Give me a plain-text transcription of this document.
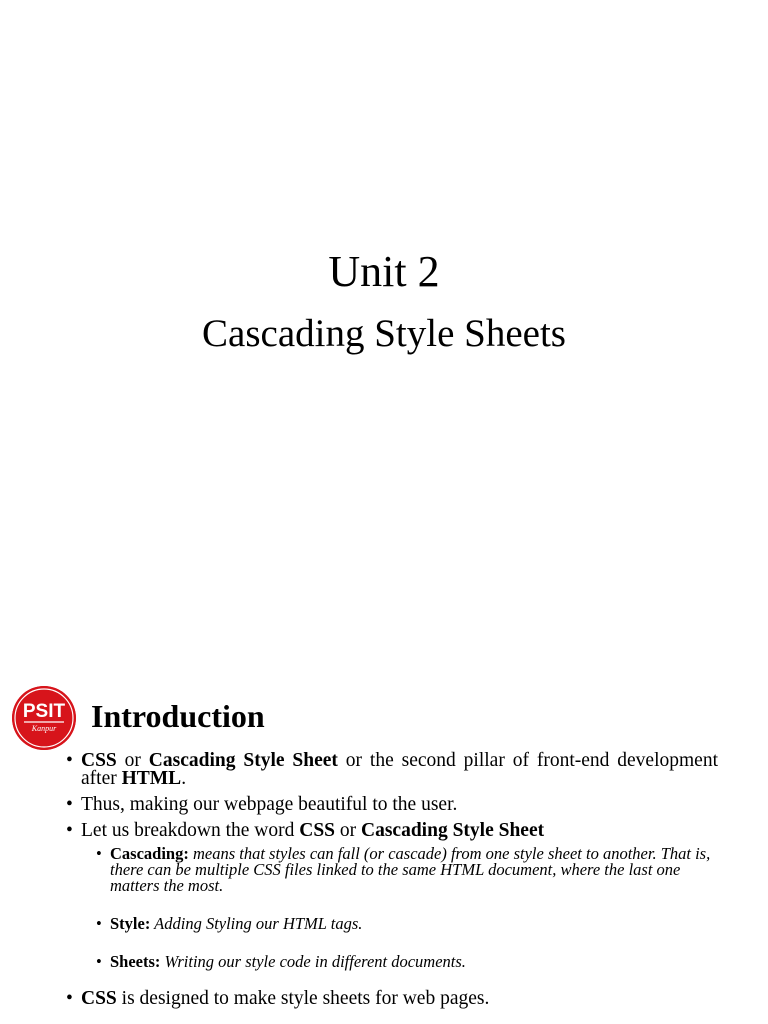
Unit 2
Cascading Style Sheets
PSIT
Kanpur Introduction
• CSS or Cascading Style Sheet or the second pillar of front-end development after HTML.
• Thus, making our webpage beautiful to the user.
• Let us breakdown the word CSS or Cascading Style Sheet
• Cascading: means that styles can fall (or cascade) from one style sheet to another. That is, there can be multiple CSS files linked to the same HTML document, where the last one matters the most.
• Style: Adding Styling our HTML tags.
• Sheets: Writing our style code in different documents.
• CSS is designed to make style sheets for web pages.
